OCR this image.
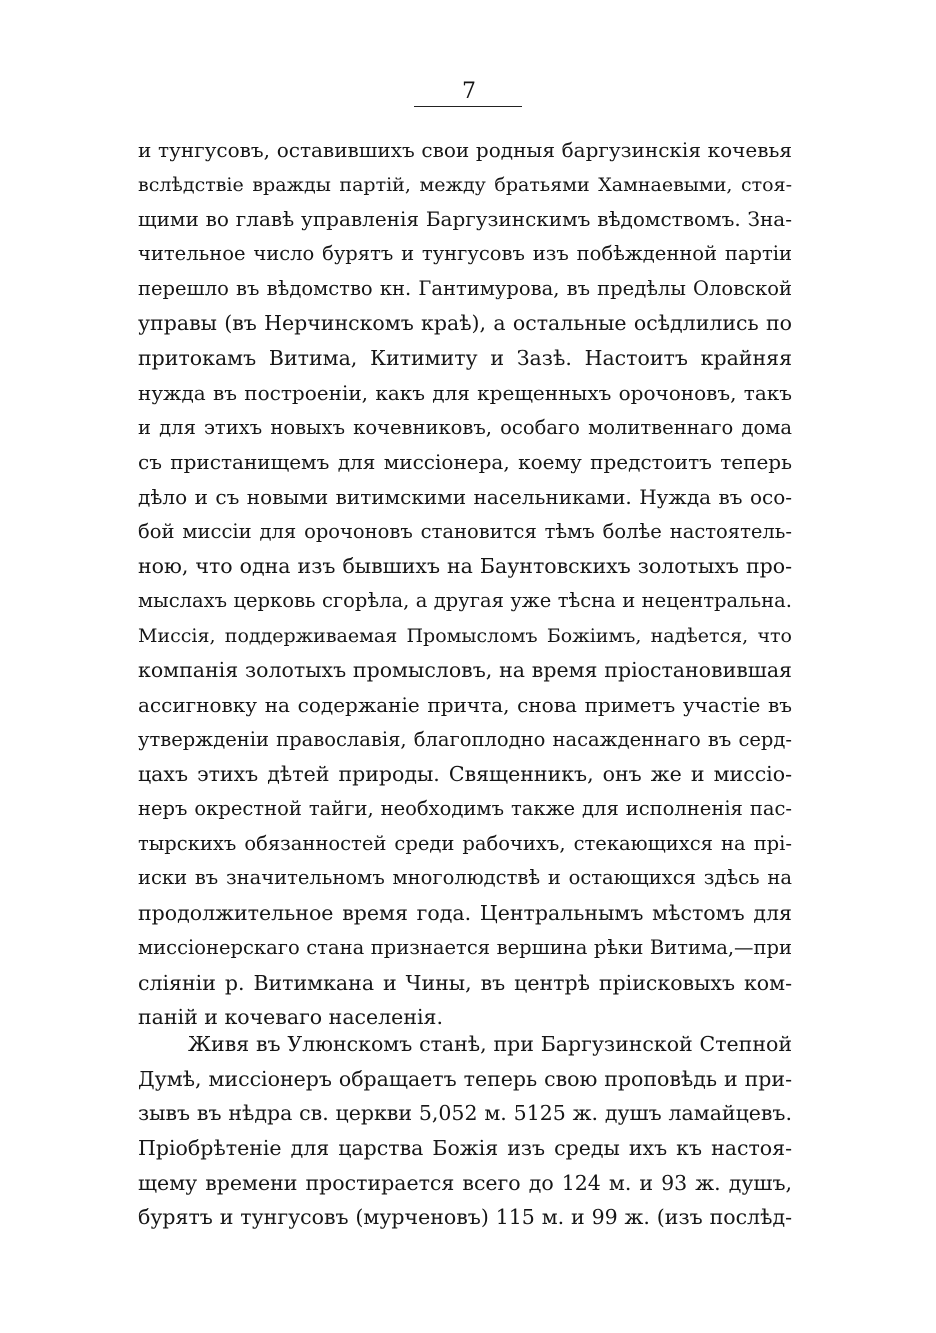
7
и тунгусовъ, оставившихъ свои родныя баргузинскія кочевья
вслѣдствіе вражды партій, между братьями Хамнаевыми, стоя-
щими во главѣ управленія Баргузинскимъ вѣдомствомъ. Зна-
чительное число бурятъ и тунгусовъ изъ побѣжденной партіи
перешло въ вѣдомство кн. Гантимурова, въ предѣлы Оловской
управы (въ Нерчинскомъ краѣ), а остальные осѣдлились по
притокамъ Витима, Китимиту и Зазѣ. Настоитъ крайняя
нужда въ построеніи, какъ для крещенныхъ орочоновъ, такъ
и для этихъ новыхъ кочевниковъ, особаго молитвеннаго дома
съ пристанищемъ для миссіонера, коему предстоитъ теперь
дѣло и съ новыми витимскими насельниками. Нужда въ осо-
бой миссіи для орочоновъ становится тѣмъ болѣе настоятель-
ною, что одна изъ бывшихъ на Баунтовскихъ золотыхъ про-
мыслахъ церковь сгорѣла, а другая уже тѣсна и нецентральна.
Миссія, поддерживаемая Промысломъ Божіимъ, надѣется, что
компанія золотыхъ промысловъ, на время пріостановившая
ассигновку на содержаніе причта, снова приметъ участіе въ
утвержденіи православія, благоплодно насажденнаго въ серд-
цахъ этихъ дѣтей природы. Священникъ, онъ же и миссіо-
неръ окрестной тайги, необходимъ также для исполненія пас-
тырскихъ обязанностей среди рабочихъ, стекающихся на прі-
иски въ значительномъ многолюдствѣ и остающихся здѣсь на
продолжительное время года. Центральнымъ мѣстомъ для
миссіонерскаго стана признается вершина рѣки Витима,—при
сліяніи р. Витимкана и Чины, въ центрѣ пріисковыхъ ком-
паній и кочеваго населенія.
Живя въ Улюнскомъ станѣ, при Баргузинской Степной
Думѣ, миссіонеръ обращаетъ теперь свою проповѣдь и при-
зывъ въ нѣдра св. церкви 5,052 м. 5125 ж. душъ ламайцевъ.
Пріобрѣтеніе для царства Божія изъ среды ихъ къ настоя-
щему времени простирается всего до 124 м. и 93 ж. душъ,
бурятъ и тунгусовъ (мурченовъ) 115 м. и 99 ж. (изъ послѣд-
